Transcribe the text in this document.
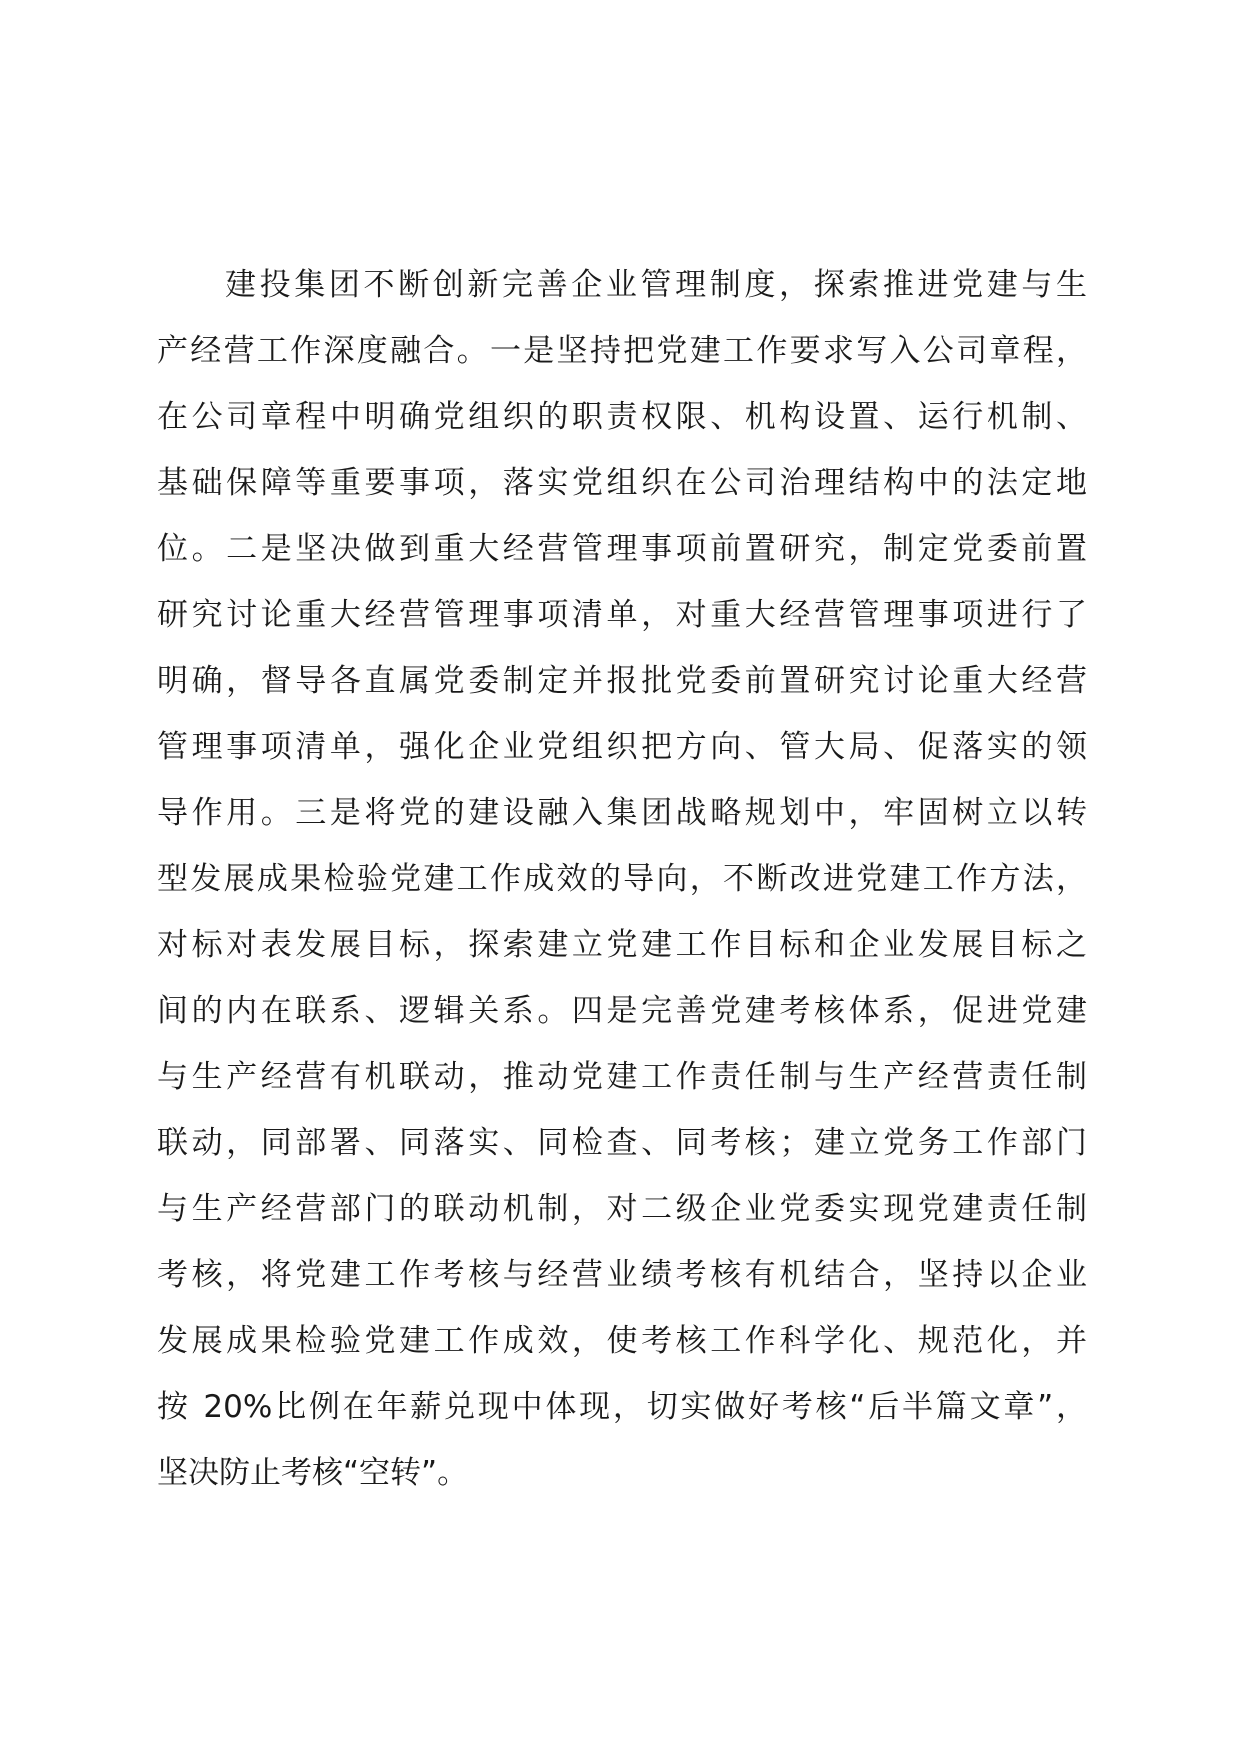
建投集团不断创新完善企业管理制度，探索推进党建与生
产经营工作深度融合。一是坚持把党建工作要求写入公司章程，
在公司章程中明确党组织的职责权限、机构设置、运行机制、
基础保障等重要事项，落实党组织在公司治理结构中的法定地
位。二是坚决做到重大经营管理事项前置研究，制定党委前置
研究讨论重大经营管理事项清单，对重大经营管理事项进行了
明确，督导各直属党委制定并报批党委前置研究讨论重大经营
管理事项清单，强化企业党组织把方向、管大局、促落实的领
导作用。三是将党的建设融入集团战略规划中，牢固树立以转
型发展成果检验党建工作成效的导向，不断改进党建工作方法，
对标对表发展目标，探索建立党建工作目标和企业发展目标之
间的内在联系、逻辑关系。四是完善党建考核体系，促进党建
与生产经营有机联动，推动党建工作责任制与生产经营责任制
联动，同部署、同落实、同检查、同考核；建立党务工作部门
与生产经营部门的联动机制，对二级企业党委实现党建责任制
考核，将党建工作考核与经营业绩考核有机结合，坚持以企业
发展成果检验党建工作成效，使考核工作科学化、规范化，并
按 20%比例在年薪兑现中体现，切实做好考核“后半篇文章”，
坚决防止考核“空转”。
